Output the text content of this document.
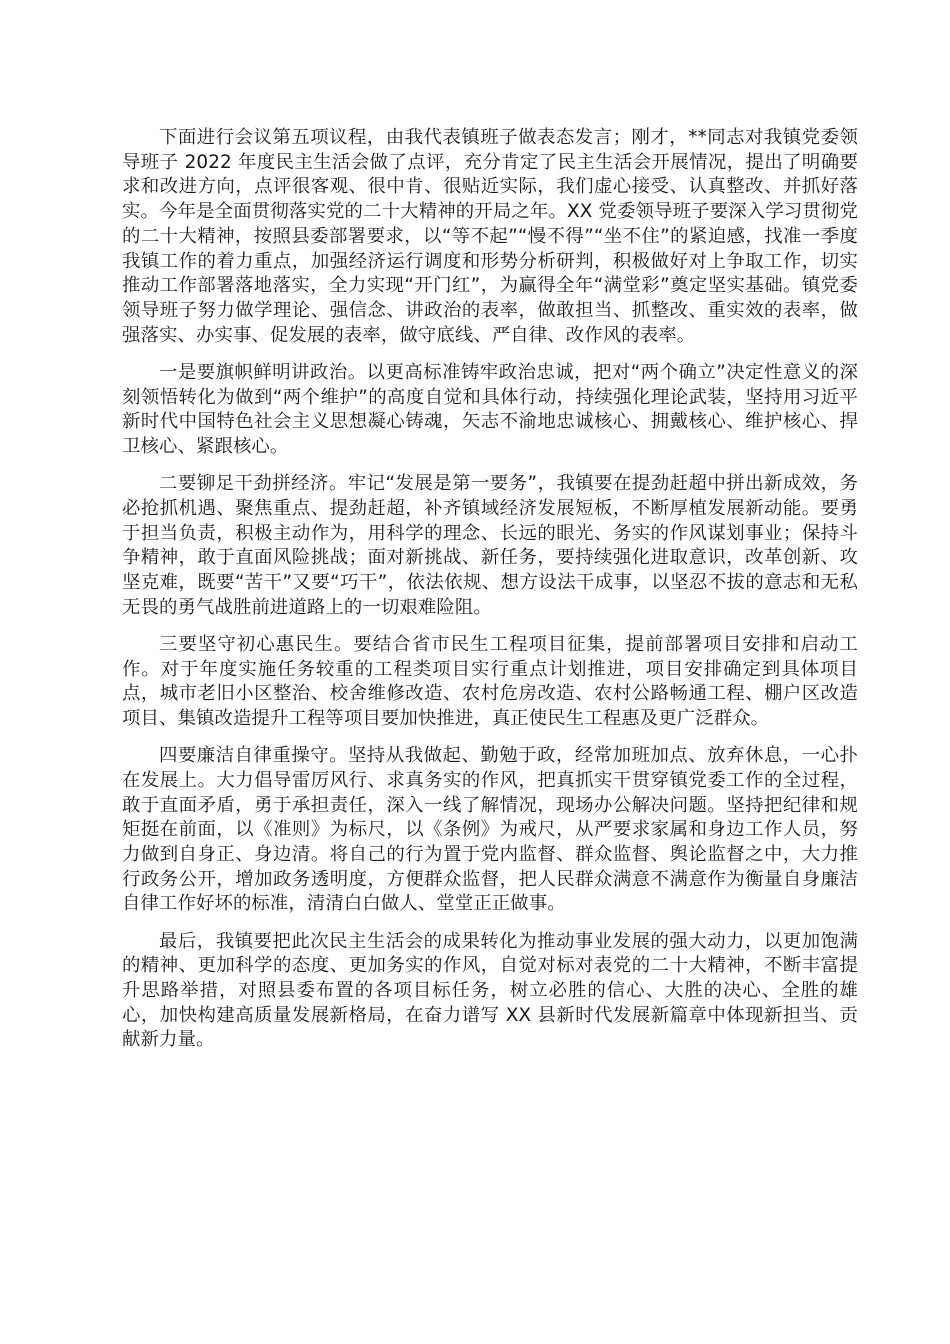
下面进行会议第五项议程，由我代表镇班子做表态发言；刚才，**同志对我镇党委领导班子 2022 年度民主生活会做了点评，充分肯定了民主生活会开展情况，提出了明确要求和改进方向，点评很客观、很中肯、很贴近实际，我们虚心接受、认真整改、并抓好落实。今年是全面贯彻落实党的二十大精神的开局之年。XX 党委领导班子要深入学习贯彻党的二十大精神，按照县委部署要求，以“等不起”“慢不得”“坐不住”的紧迫感，找准一季度我镇工作的着力重点，加强经济运行调度和形势分析研判，积极做好对上争取工作，切实推动工作部署落地落实，全力实现“开门红”，为赢得全年“满堂彩”奠定坚实基础。镇党委领导班子努力做学理论、强信念、讲政治的表率，做敢担当、抓整改、重实效的表率，做强落实、办实事、促发展的表率，做守底线、严自律、改作风的表率。

一是要旗帜鲜明讲政治。以更高标准铸牢政治忠诚，把对“两个确立”决定性意义的深刻领悟转化为做到“两个维护”的高度自觉和具体行动，持续强化理论武装，坚持用习近平新时代中国特色社会主义思想凝心铸魂，矢志不渝地忠诚核心、拥戴核心、维护核心、捍卫核心、紧跟核心。

二要铆足干劲拼经济。牢记“发展是第一要务”，我镇要在提劲赶超中拼出新成效，务必抢抓机遇、聚焦重点、提劲赶超，补齐镇域经济发展短板，不断厚植发展新动能。要勇于担当负责，积极主动作为，用科学的理念、长远的眼光、务实的作风谋划事业；保持斗争精神，敢于直面风险挑战；面对新挑战、新任务，要持续强化进取意识，改革创新、攻坚克难，既要“苦干”又要“巧干”，依法依规、想方设法干成事，以坚忍不拔的意志和无私无畏的勇气战胜前进道路上的一切艰难险阻。

三要坚守初心惠民生。要结合省市民生工程项目征集，提前部署项目安排和启动工作。对于年度实施任务较重的工程类项目实行重点计划推进，项目安排确定到具体项目点，城市老旧小区整治、校舍维修改造、农村危房改造、农村公路畅通工程、棚户区改造项目、集镇改造提升工程等项目要加快推进，真正使民生工程惠及更广泛群众。

四要廉洁自律重操守。坚持从我做起、勤勉于政，经常加班加点、放弃休息，一心扑在发展上。大力倡导雷厉风行、求真务实的作风，把真抓实干贯穿镇党委工作的全过程，敢于直面矛盾，勇于承担责任，深入一线了解情况，现场办公解决问题。坚持把纪律和规矩挺在前面，以《准则》为标尺，以《条例》为戒尺，从严要求家属和身边工作人员，努力做到自身正、身边清。将自己的行为置于党内监督、群众监督、舆论监督之中，大力推行政务公开，增加政务透明度，方便群众监督，把人民群众满意不满意作为衡量自身廉洁自律工作好坏的标准，清清白白做人、堂堂正正做事。

最后，我镇要把此次民主生活会的成果转化为推动事业发展的强大动力，以更加饱满的精神、更加科学的态度、更加务实的作风，自觉对标对表党的二十大精神，不断丰富提升思路举措，对照县委布置的各项目标任务，树立必胜的信心、大胜的决心、全胜的雄心，加快构建高质量发展新格局，在奋力谱写 XX 县新时代发展新篇章中体现新担当、贡献新力量。
